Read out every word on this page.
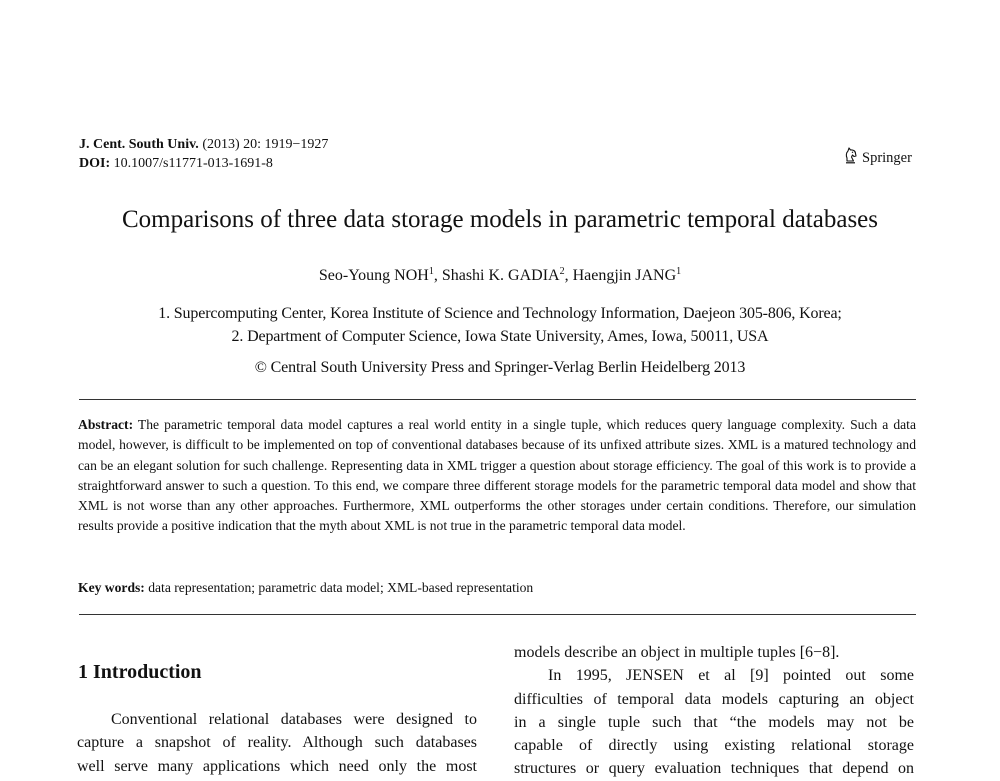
J. Cent. South Univ. (2013) 20: 1919−1927
DOI: 10.1007/s11771-013-1691-8	Springer
Comparisons of three data storage models in parametric temporal databases
Seo-Young NOH$^1$, Shashi K. GADIA$^2$, Haengjin JANG$^1$
1. Supercomputing Center, Korea Institute of Science and Technology Information, Daejeon 305-806, Korea;
2. Department of Computer Science, Iowa State University, Ames, Iowa, 50011, USA
© Central South University Press and Springer-Verlag Berlin Heidelberg 2013
Abstract: The parametric temporal data model captures a real world entity in a single tuple, which reduces query language complexity. Such a data model, however, is difficult to be implemented on top of conventional databases because of its unfixed attribute sizes. XML is a matured technology and can be an elegant solution for such challenge. Representing data in XML trigger a question about storage efficiency. The goal of this work is to provide a straightforward answer to such a question. To this end, we compare three different storage models for the parametric temporal data model and show that XML is not worse than any other approaches. Furthermore, XML outperforms the other storages under certain conditions. Therefore, our simulation results provide a positive indication that the myth about XML is not true in the parametric temporal data model.
Key words: data representation; parametric data model; XML-based representation
1 Introduction
Conventional relational databases were designed to
capture a snapshot of reality. Although such databases
well serve many applications which need only the most
models describe an object in multiple tuples [6−8].
In 1995, JENSEN et al [9] pointed out some
difficulties of temporal data models capturing an object
in a single tuple such that “the models may not be
capable of directly using existing relational storage
structures or query evaluation techniques that depend on
